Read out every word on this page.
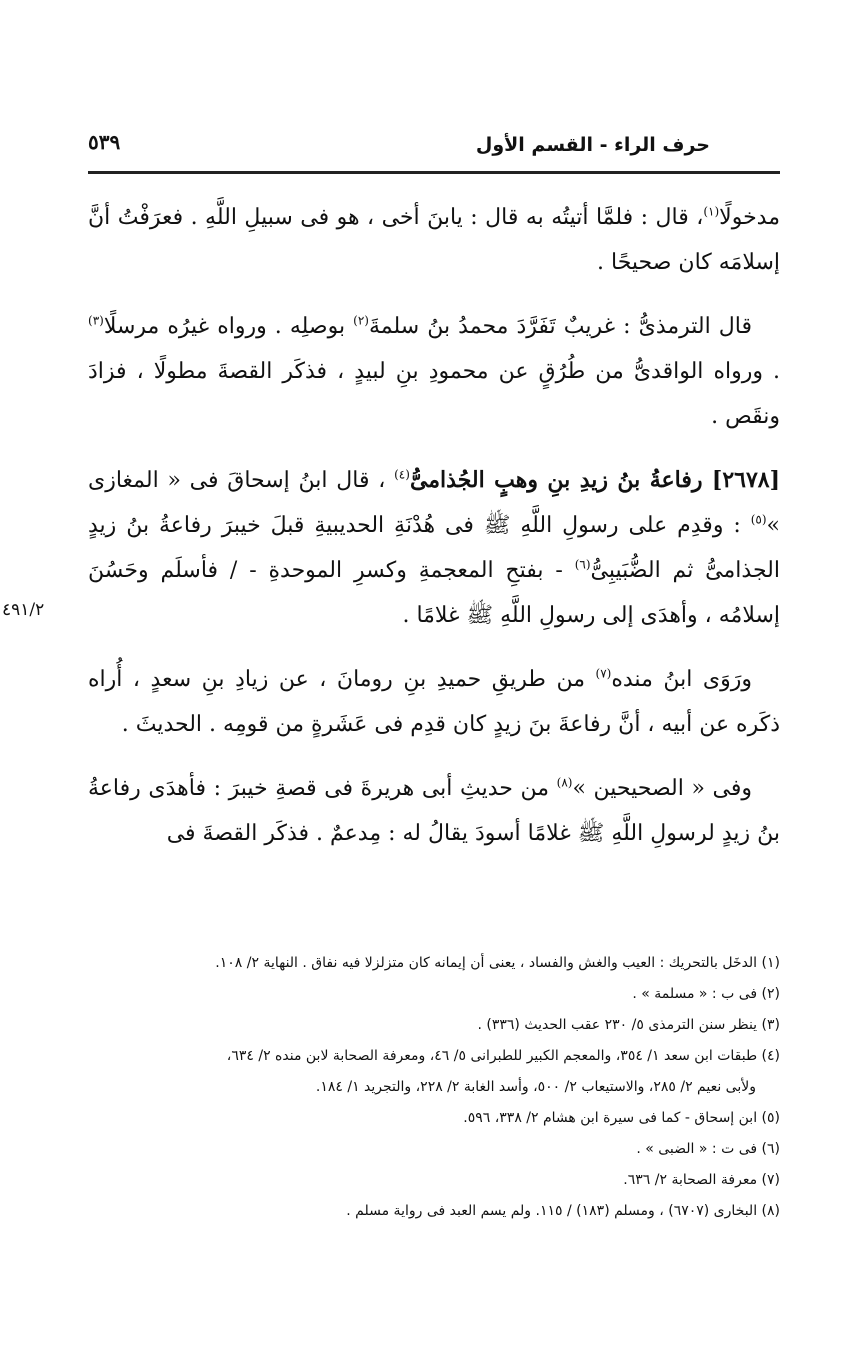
٥٣٩	حرف الراء - القسم الأول

مدخولًا$^{(١)}$، قال : فلمَّا أتيتُه به قال : يابنَ أخى ، هو فى سبيلِ اللَّهِ . فعرَفْتُ أنَّ إسلامَه كان صحيحًا .

قال الترمذىُّ : غريبٌ تَفَرَّدَ محمدُ بنُ سلمةَ$^{(٢)}$ بوصلِه . ورواه غيرُه مرسلًا$^{(٣)}$ . ورواه الواقدىُّ من طُرُقٍ عن محمودِ بنِ لبيدٍ ، فذكَر القصةَ مطولًا ، فزادَ ونقَص .

[٢٦٧٨] رفاعةُ بنُ زيدِ بنِ وهبٍ الجُذامىُّ$^{(٤)}$ ، قال ابنُ إسحاقَ فى « المغازى »$^{(٥)}$ : وقدِم على رسولِ اللَّهِ ﷺ فى هُدْنَةِ الحديبيةِ قبلَ خيبرَ رفاعةُ بنُ زيدٍ الجذامىُّ ثم الضُّبَيبِىُّ$^{(٦)}$ - بفتحِ المعجمةِ وكسرِ الموحدةِ - / فأسلَم وحَسُنَ إسلامُه ، وأهدَى إلى رسولِ اللَّهِ ﷺ غلامًا .

ورَوَى ابنُ منده$^{(٧)}$ من طريقِ حميدِ بنِ رومانَ ، عن زيادِ بنِ سعدٍ ، أُراه ذكَره عن أبيه ، أنَّ رفاعةَ بنَ زيدٍ كان قدِم فى عَشَرةٍ من قومِه . الحديثَ .

وفى « الصحيحين »$^{(٨)}$ من حديثِ أبى هريرةَ فى قصةِ خيبرَ : فأهدَى رفاعةُ بنُ زيدٍ لرسولِ اللَّهِ ﷺ غلامًا أسودَ يقالُ له : مِدعمٌ . فذكَر القصةَ فى

٤٩١/٢
(١) الدخَل بالتحريك : العيب والغش والفساد ، يعنى أن إيمانه كان متزلزلا فيه نفاق . النهاية ٢/ ١٠٨.
(٢) فى ب : « مسلمة » .
(٣) ينظر سنن الترمذى ٥/ ٢٣٠ عقب الحديث (٣٣٦) .
(٤) طبقات ابن سعد ١/ ٣٥٤، والمعجم الكبير للطبرانى ٥/ ٤٦، ومعرفة الصحابة لابن منده ٢/ ٦٣٤،
ولأبى نعيم ٢/ ٢٨٥، والاستيعاب ٢/ ٥٠٠، وأسد الغابة ٢/ ٢٢٨، والتجريد ١/ ١٨٤.
(٥) ابن إسحاق - كما فى سيرة ابن هشام ٢/ ٣٣٨، ٥٩٦.
(٦) فى ت : « الضبى » .
(٧) معرفة الصحابة ٢/ ٦٣٦.
(٨) البخارى (٦٧٠٧) ، ومسلم (١٨٣) / ١١٥. ولم يسم العبد فى رواية مسلم .
